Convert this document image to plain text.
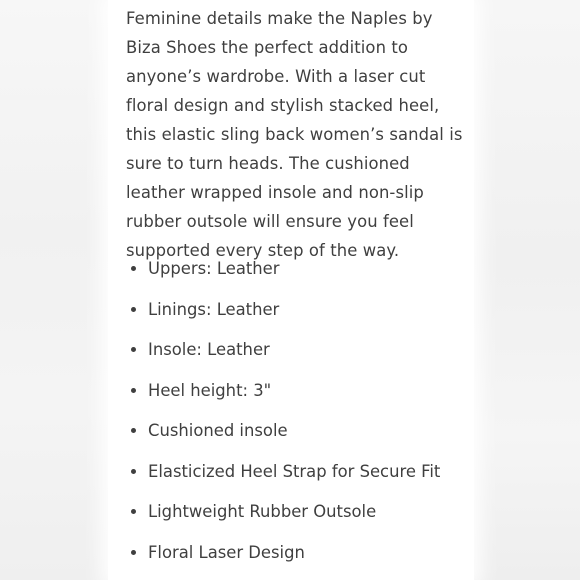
Feminine details make the Naples by Biza Shoes the perfect addition to anyone’s wardrobe. With a laser cut floral design and stylish stacked heel, this elastic sling back women’s sandal is sure to turn heads. The cushioned leather wrapped insole and non-slip rubber outsole will ensure you feel supported every step of the way.

Uppers: Leather
Linings: Leather
Insole: Leather
Heel height: 3"
Cushioned insole
Elasticized Heel Strap for Secure Fit
Lightweight Rubber Outsole
Floral Laser Design
